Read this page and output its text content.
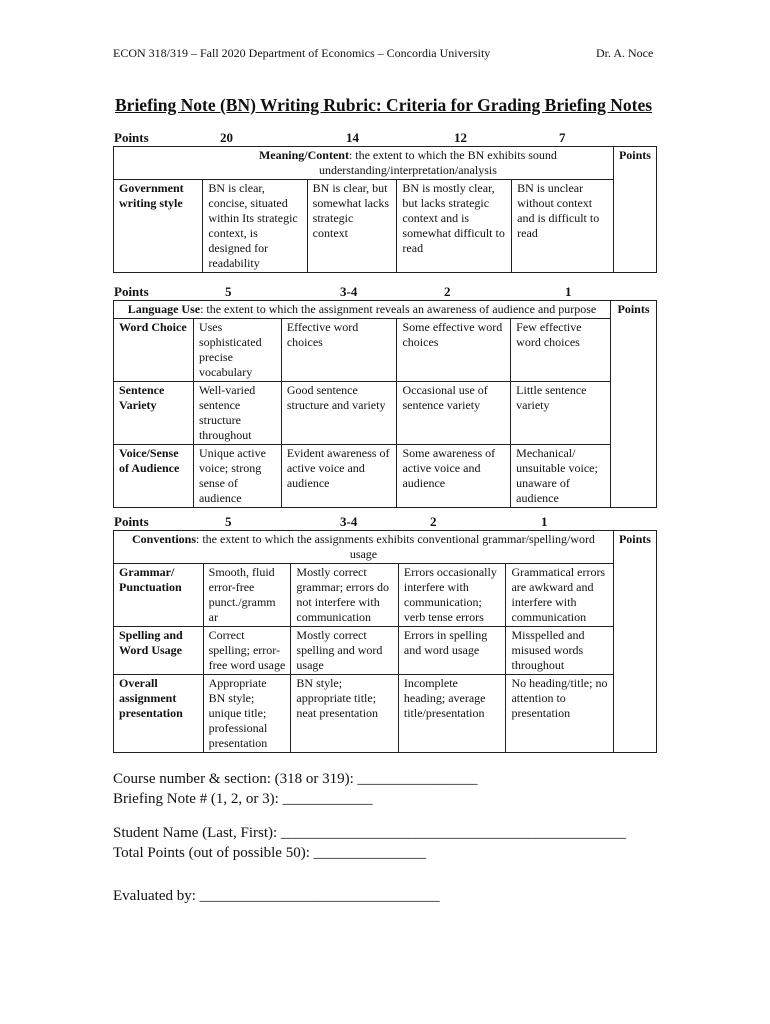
ECON 318/319 – Fall 2020 Department of Economics – Concordia University	Dr. A. Noce
Briefing Note (BN) Writing Rubric: Criteria for Grading Briefing Notes
Points	20	14	12	7
	Meaning/Content: the extent to which the BN exhibits sound understanding/interpretation/analysis				Points
Government writing style	BN is clear, concise, situated within Its strategic context, is designed for readability	BN is clear, but somewhat lacks strategic context	BN is mostly clear, but lacks strategic context and is somewhat difficult to read	BN is unclear without context and is difficult to read	
Points	5	3-4	2	1
Language Use: the extent to which the assignment reveals an awareness of audience and purpose					Points
Word Choice	Uses sophisticated precise vocabulary	Effective word choices	Some effective word choices	Few effective word choices	
Sentence Variety	Well-varied sentence structure throughout	Good sentence structure and variety	Occasional use of sentence variety	Little sentence variety	
Voice/Sense of Audience	Unique active voice; strong sense of audience	Evident awareness of active voice and audience	Some awareness of active voice and audience	Mechanical/ unsuitable voice; unaware of audience	
Points	5	3-4	2	1
Conventions: the extent to which the assignments exhibits conventional grammar/spelling/word usage					Points
Grammar/ Punctuation	Smooth, fluid error-free punct./gramm ar	Mostly correct grammar; errors do not interfere with communication	Errors occasionally interfere with communication; verb tense errors	Grammatical errors are awkward and interfere with communication	
Spelling and Word Usage	Correct spelling; error-free word usage	Mostly correct spelling and word usage	Errors in spelling and word usage	Misspelled and misused words throughout	
Overall assignment presentation	Appropriate BN style; unique title; professional presentation	BN style; appropriate title; neat presentation	Incomplete heading; average title/presentation	No heading/title; no attention to presentation	
Course number & section: (318 or 319): ________________
Briefing Note # (1, 2, or 3): ____________
Student Name (Last, First): ______________________________________________
Total Points (out of possible 50): _______________
Evaluated by: ________________________________
